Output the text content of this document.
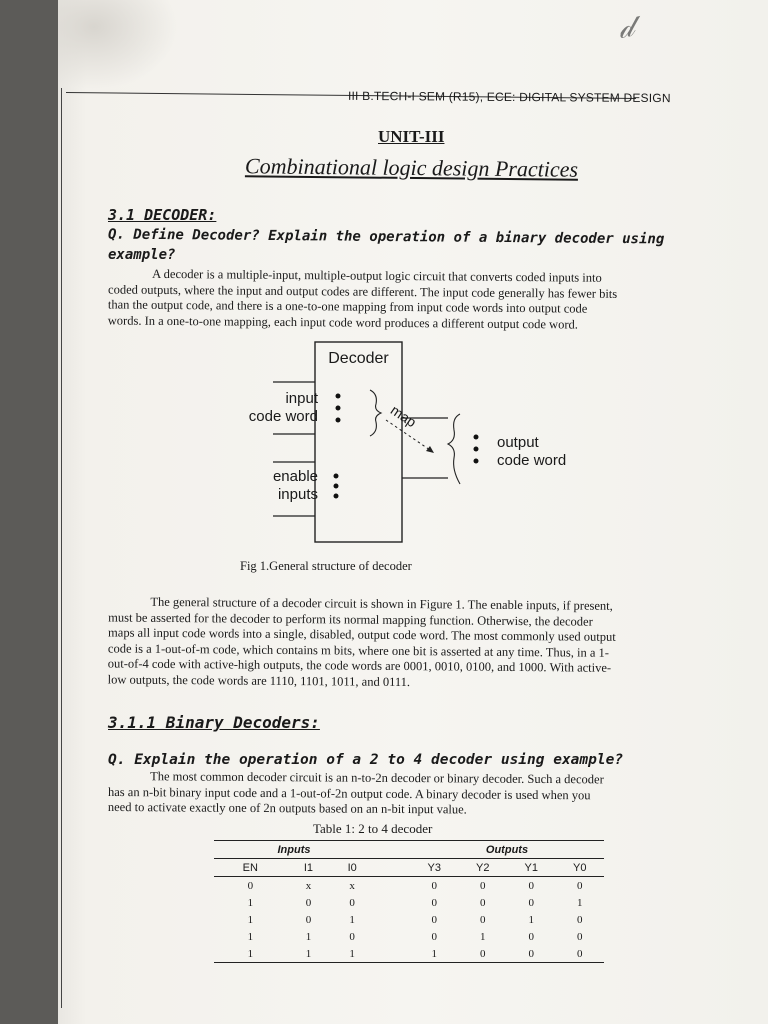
𝒹
III B.TECH-I SEM (R15), ECE: DIGITAL SYSTEM DESIGN
UNIT-III
Combinational logic design Practices
3.1 DECODER:
Q. Define Decoder? Explain the operation of a binary decoder using
example?
A decoder is a multiple-input, multiple-output logic circuit that converts coded inputs into
coded outputs, where the input and output codes are different. The input code generally has fewer bits
than the output code, and there is a one-to-one mapping from input code words into output code
words. In a one-to-one mapping, each input code word produces a different output code word.
Decoder
input
code word
enable
inputs
output
code word
map
Fig 1.General structure of decoder
The general structure of a decoder circuit is shown in Figure 1. The enable inputs, if present,
must be asserted for the decoder to perform its normal mapping function. Otherwise, the decoder
maps all input code words into a single, disabled, output code word. The most commonly used output
code is a 1-out-of-m code, which contains m bits, where one bit is asserted at any time. Thus, in a 1-
out-of-4 code with active-high outputs, the code words are 0001, 0010, 0100, and 1000. With active-
low outputs, the code words are 1110, 1101, 1011, and 0111.
3.1.1 Binary Decoders:
Q. Explain the operation of a 2 to 4 decoder using example?
The most common decoder circuit is an n-to-2n decoder or binary decoder. Such a decoder
has an n-bit binary input code and a 1-out-of-2n output code. A binary decoder is used when you
need to activate exactly one of 2n outputs based on an n-bit input value.
Table 1: 2 to 4 decoder
Inputs				Outputs			
EN	I1	I0		Y3	Y2	Y1	Y0
0	x	x		0	0	0	0
1	0	0		0	0	0	1
1	0	1		0	0	1	0
1	1	0		0	1	0	0
1	1	1		1	0	0	0
